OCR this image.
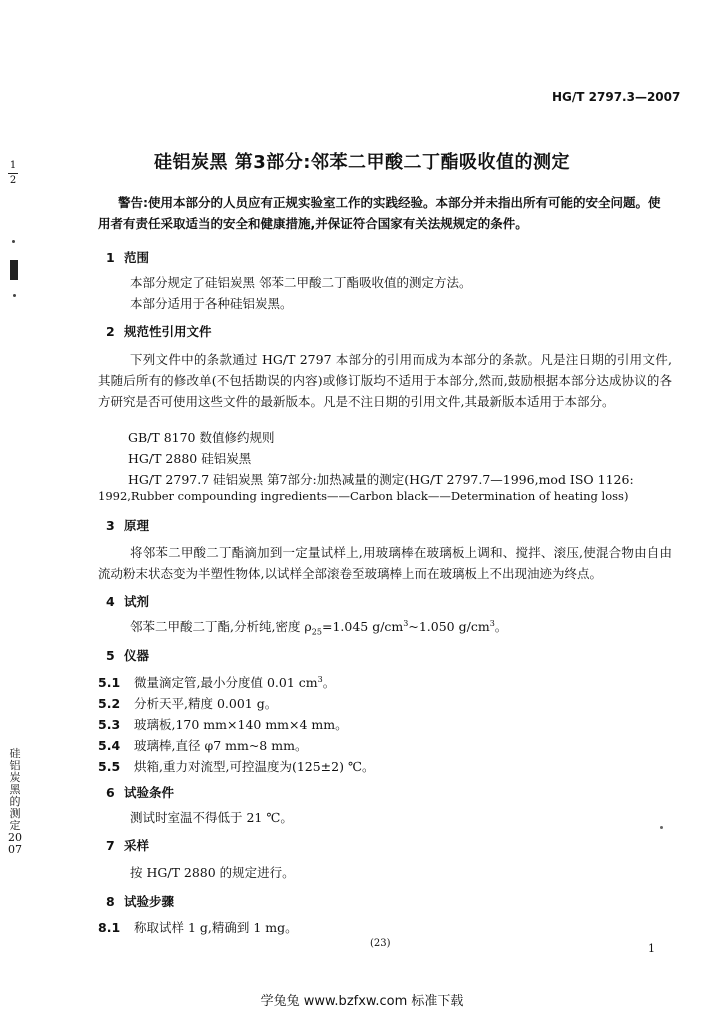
HG/T 2797.3—2007
硅铝炭黑 第3部分:邻苯二甲酸二丁酯吸收值的测定
警告:使用本部分的人员应有正规实验室工作的实践经验。本部分并未指出所有可能的安全问题。使用者有责任采取适当的安全和健康措施,并保证符合国家有关法规规定的条件。
1 范围
本部分规定了硅铝炭黑 邻苯二甲酸二丁酯吸收值的测定方法。
本部分适用于各种硅铝炭黑。
2 规范性引用文件
下列文件中的条款通过 HG/T 2797 本部分的引用而成为本部分的条款。凡是注日期的引用文件,其随后所有的修改单(不包括勘误的内容)或修订版均不适用于本部分,然而,鼓励根据本部分达成协议的各方研究是否可使用这些文件的最新版本。凡是不注日期的引用文件,其最新版本适用于本部分。
GB/T 8170 数值修约规则
HG/T 2880 硅铝炭黑
HG/T 2797.7 硅铝炭黑 第7部分:加热减量的测定(HG/T 2797.7—1996,mod ISO 1126:
1992,Rubber compounding ingredients——Carbon black——Determination of heating loss)
3 原理
将邻苯二甲酸二丁酯滴加到一定量试样上,用玻璃棒在玻璃板上调和、搅拌、滚压,使混合物由自由流动粉末状态变为半塑性物体,以试样全部滚卷至玻璃棒上而在玻璃板上不出现油迹为终点。
4 试剂
邻苯二甲酸二丁酯,分析纯,密度 $\rho_{25}=1.045$ $g/cm^3\sim 1.050$ $g/cm^3$。
5 仪器
5.1 微量滴定管,最小分度值 0.01 $cm^3$。
5.2 分析天平,精度 0.001 g。
5.3 玻璃板,170 mm×140 mm×4 mm。
5.4 玻璃棒,直径 φ7 mm~8 mm。
5.5 烘箱,重力对流型,可控温度为(125±2) ℃。
6 试验条件
测试时室温不得低于 21 ℃。
7 采样
按 HG/T 2880 的规定进行。
8 试验步骤
8.1 称取试样 1 g,精确到 1 mg。
(23)	1
1
2
硅铝炭黑的测定2007
学兔兔 www.bzfxw.com 标准下载
